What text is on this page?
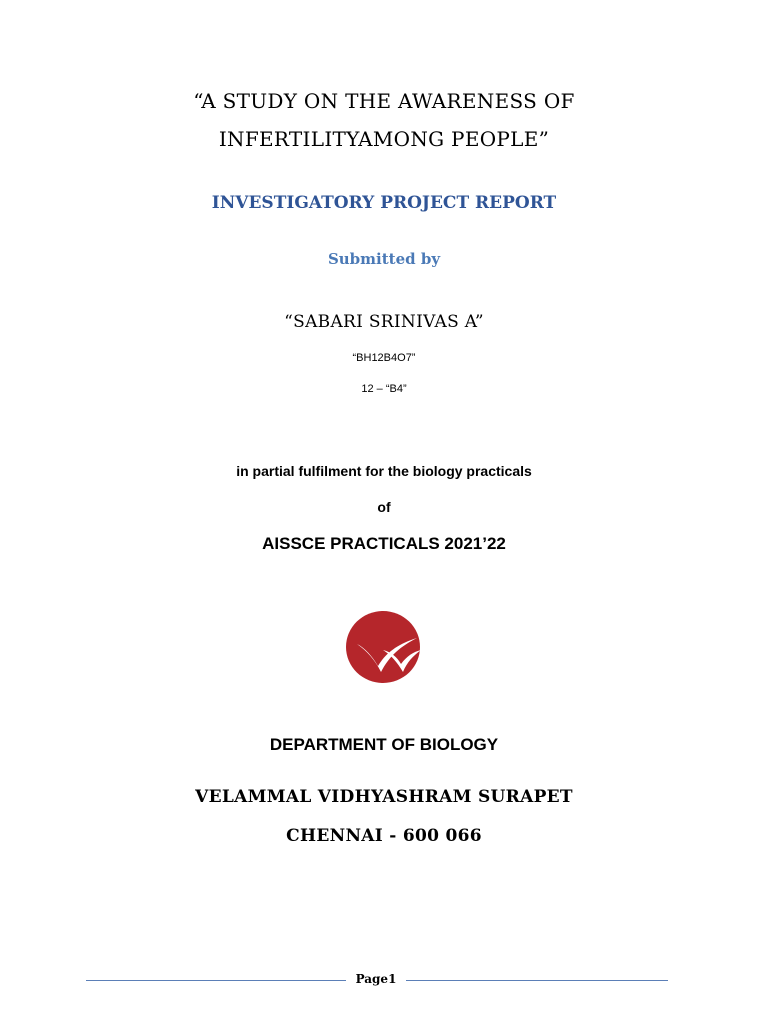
“A STUDY ON THE AWARENESS OF
INFERTILITYAMONG PEOPLE”
INVESTIGATORY PROJECT REPORT
Submitted by
“SABARI SRINIVAS A”
“BH12B4O7”
12 – “B4”
in partial fulfilment for the biology practicals
of
AISSCE PRACTICALS 2021’22
DEPARTMENT OF BIOLOGY
VELAMMAL VIDHYASHRAM SURAPET
CHENNAI - 600 066
Page1
